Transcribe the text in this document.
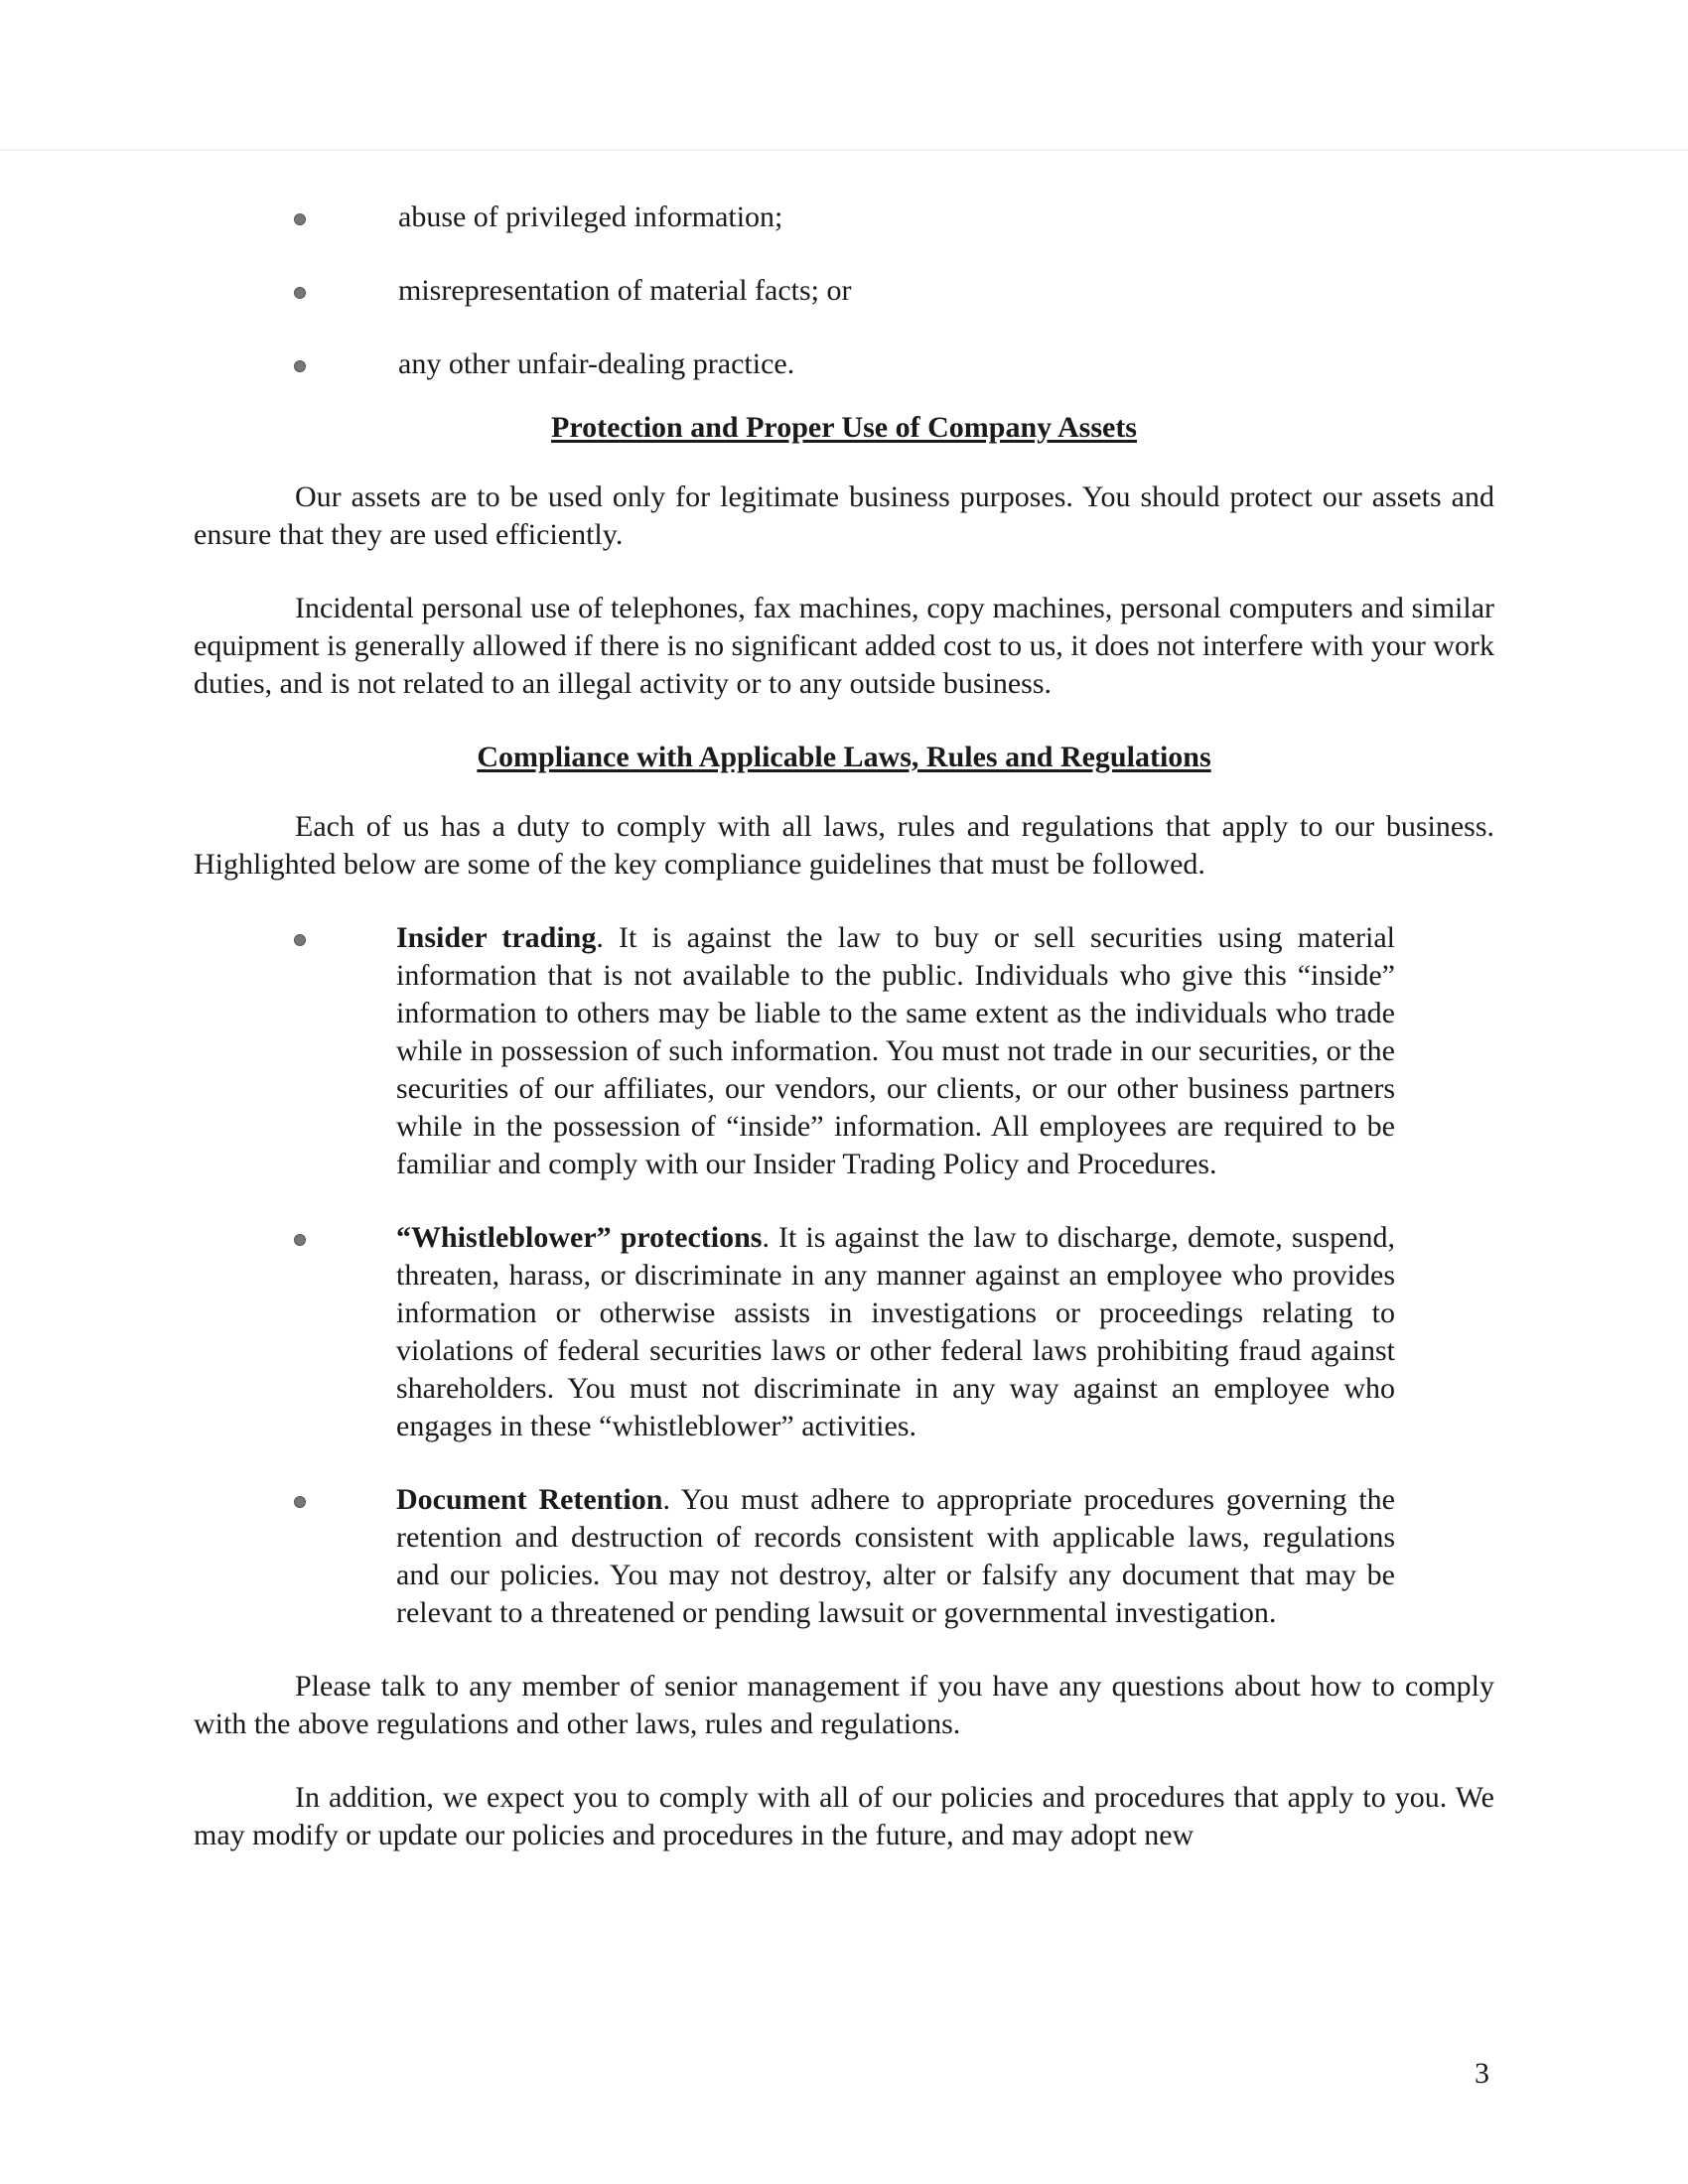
abuse of privileged information;
misrepresentation of material facts; or
any other unfair-dealing practice.

Protection and Proper Use of Company Assets

Our assets are to be used only for legitimate business purposes. You should protect our assets and ensure that they are used efficiently.

Incidental personal use of telephones, fax machines, copy machines, personal computers and similar equipment is generally allowed if there is no significant added cost to us, it does not interfere with your work duties, and is not related to an illegal activity or to any outside business.

Compliance with Applicable Laws, Rules and Regulations

Each of us has a duty to comply with all laws, rules and regulations that apply to our business. Highlighted below are some of the key compliance guidelines that must be followed.

Insider trading. It is against the law to buy or sell securities using material information that is not available to the public. Individuals who give this “inside” information to others may be liable to the same extent as the individuals who trade while in possession of such information. You must not trade in our securities, or the securities of our affiliates, our vendors, our clients, or our other business partners while in the possession of “inside” information. All employees are required to be familiar and comply with our Insider Trading Policy and Procedures.
“Whistleblower” protections. It is against the law to discharge, demote, suspend, threaten, harass, or discriminate in any manner against an employee who provides information or otherwise assists in investigations or proceedings relating to violations of federal securities laws or other federal laws prohibiting fraud against shareholders. You must not discriminate in any way against an employee who engages in these “whistleblower” activities.
Document Retention. You must adhere to appropriate procedures governing the retention and destruction of records consistent with applicable laws, regulations and our policies. You may not destroy, alter or falsify any document that may be relevant to a threatened or pending lawsuit or governmental investigation.

Please talk to any member of senior management if you have any questions about how to comply with the above regulations and other laws, rules and regulations.

In addition, we expect you to comply with all of our policies and procedures that apply to you. We may modify or update our policies and procedures in the future, and may adopt new

3
